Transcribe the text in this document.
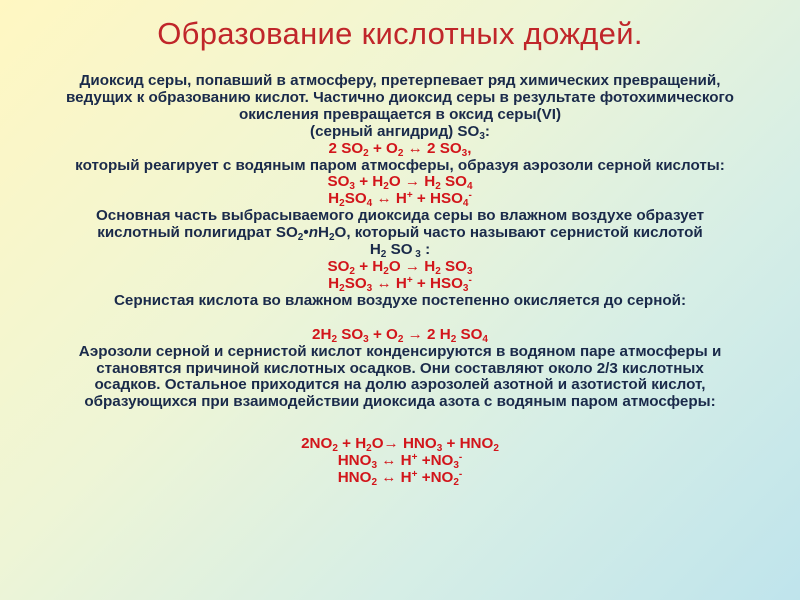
Образование кислотных дождей.
Диоксид серы, попавший в атмосферу, претерпевает ряд химических превращений,
ведущих к образованию кислот. Частично диоксид серы в результате фотохимического
окисления превращается в оксид серы(VI)
(серный ангидрид) $SO_3$:
2 $SO_2 + O_2$ ↔ 2 $SO_3$,
который реагирует с водяным паром атмосферы, образуя аэрозоли серной кислоты:
$SO_3 + H_2O \to H_2$ $SO_4$
$H_2SO_4$ ↔ $H^+ + HSO_4^-$
Основная часть выбрасываемого диоксида серы во влажном воздухе образует
кислотный полигидрат $SO_2•nH_2O$, который часто называют сернистой кислотой
$H_2$ SO $_3$ :
$SO_2 + H_2O \to H_2$ $SO_3$
$H_2SO_3$ ↔ $H^+ + HSO_3^-$
Сернистая кислота во влажном воздухе постепенно окисляется до серной:
$2H_2$ $SO_3 + O_2 \to 2$ $H_2$ $SO_4$
Аэрозоли серной и сернистой кислот конденсируются в водяном паре атмосферы и
становятся причиной кислотных осадков. Они составляют около 2/3 кислотных
осадков. Остальное приходится на долю аэрозолей азотной и азотистой кислот,
образующихся при взаимодействии диоксида азота с водяным паром атмосферы:
$2NO_2 + H_2O\to HNO_3 + HNO_2$
$HNO_3$ ↔ $H^+ +NO_3^-$
$HNO_2$ ↔ $H^+ +NO_2^-$
